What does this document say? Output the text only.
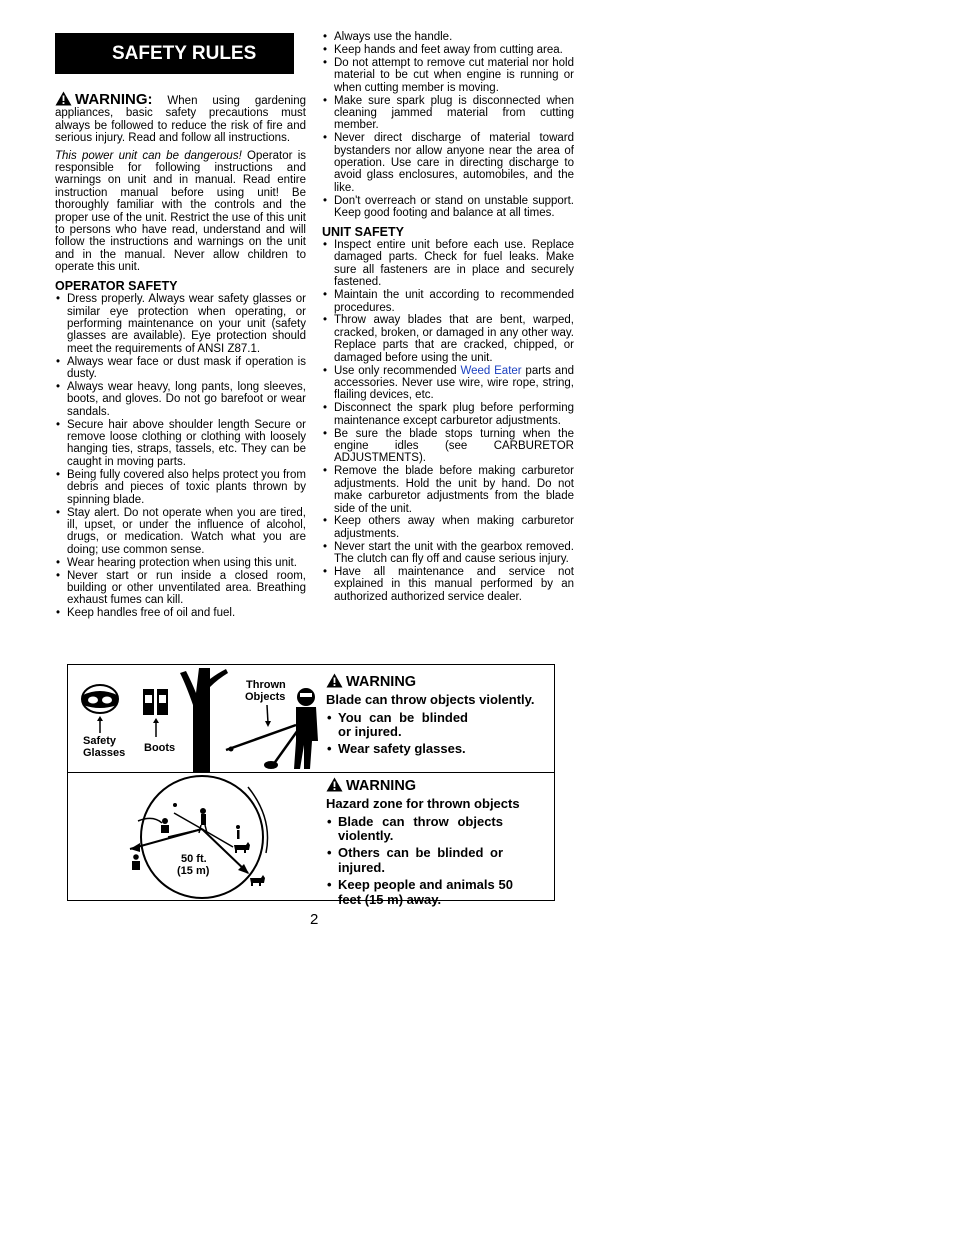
SAFETY RULES

WARNING: When using gardening appliances, basic safety precautions must always be followed to reduce the risk of fire and serious injury. Read and follow all instructions.

This power unit can be dangerous! Operator is responsible for following instructions and warnings on unit and in manual. Read entire instruction manual before using unit! Be thoroughly familiar with the controls and the proper use of the unit. Restrict the use of this unit to persons who have read, understand and will follow the instructions and warnings on the unit and in the manual. Never allow children to operate this unit.

OPERATOR SAFETY
• Dress properly. Always wear safety glasses or similar eye protection when operating, or performing maintenance on your unit (safety glasses are available). Eye protection should meet the requirements of ANSI Z87.1.
• Always wear face or dust mask if operation is dusty.
• Always wear heavy, long pants, long sleeves, boots, and gloves. Do not go barefoot or wear sandals.
• Secure hair above shoulder length Secure or remove loose clothing or clothing with loosely hanging ties, straps, tassels, etc. They can be caught in moving parts.
• Being fully covered also helps protect you from debris and pieces of toxic plants thrown by spinning blade.
• Stay alert. Do not operate when you are tired, ill, upset, or under the influence of alcohol, drugs, or medication. Watch what you are doing; use common sense.
• Wear hearing protection when using this unit.
• Never start or run inside a closed room, building or other unventilated area. Breathing exhaust fumes can kill.
• Keep handles free of oil and fuel.
• Always use the handle.
• Keep hands and feet away from cutting area.
• Do not attempt to remove cut material nor hold material to be cut when engine is running or when cutting member is moving.
• Make sure spark plug is disconnected when cleaning jammed material from cutting member.
• Never direct discharge of material toward bystanders nor allow anyone near the area of operation. Use care in directing discharge to avoid glass enclosures, automobiles, and the like.
• Don't overreach or stand on unstable support. Keep good footing and balance at all times.
UNIT SAFETY
• Inspect entire unit before each use. Replace damaged parts. Check for fuel leaks. Make sure all fasteners are in place and securely fastened.
• Maintain the unit according to recommended procedures.
• Throw away blades that are bent, warped, cracked, broken, or damaged in any other way. Replace parts that are cracked, chipped, or damaged before using the unit.
• Use only recommended Weed Eater parts and accessories. Never use wire, wire rope, string, flailing devices, etc.
• Disconnect the spark plug before performing maintenance except carburetor adjustments.
• Be sure the blade stops turning when the engine idles (see CARBURETOR ADJUSTMENTS).
• Remove the blade before making carburetor adjustments. Hold the unit by hand. Do not make carburetor adjustments from the blade side of the unit.
• Keep others away when making carburetor adjustments.
• Never start the unit with the gearbox removed. The clutch can fly off and cause serious injury.
• Have all maintenance and service not explained in this manual performed by an authorized authorized service dealer.
Safety
Glasses Boots
Thrown
Objects
WARNING
Blade can throw objects violently.
• You can be blinded or injured.
• Wear safety glasses.
50 ft.
(15 m)
WARNING
Hazard zone for thrown objects
• Blade can throw objects violently.
• Others can be blinded or injured.
• Keep people and animals 50 feet (15 m) away.
2
